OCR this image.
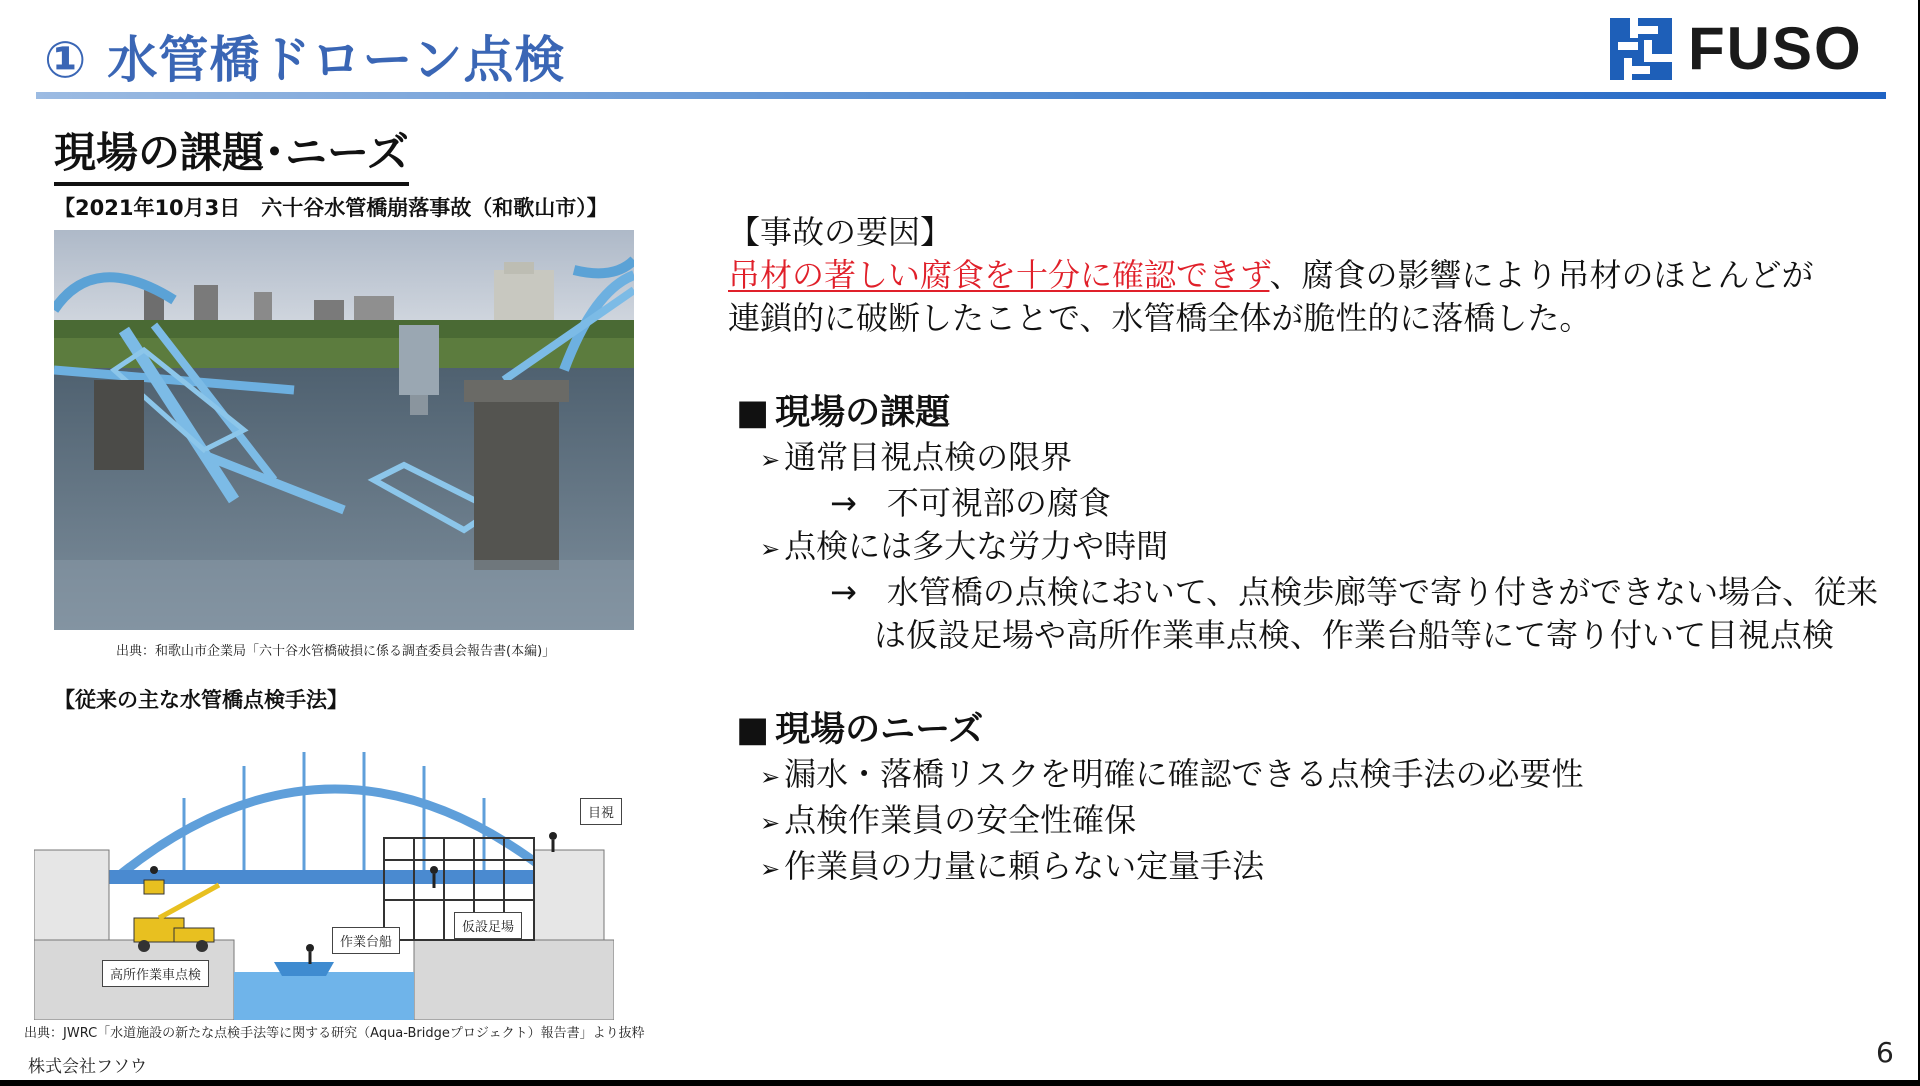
① 水管橋ドローン点検	FUSO
現場の課題･ニーズ
【2021年10月3日　六十谷水管橋崩落事故（和歌山市）】
出典：和歌山市企業局「六十谷水管橋破損に係る調査委員会報告書(本編)」
【従来の主な水管橋点検手法】
目視
仮設足場
作業台船
高所作業車点検
出典：JWRC「水道施設の新たな点検手法等に関する研究（Aqua-Bridgeプロジェクト）報告書」より抜粋
【事故の要因】
吊材の著しい腐食を十分に確認できず、腐食の影響により吊材のほとんどが
連鎖的に破断したことで、水管橋全体が脆性的に落橋した。
■ 現場の課題
➢ 通常目視点検の限界
→ 不可視部の腐食
➢ 点検には多大な労力や時間
→ 水管橋の点検において、点検歩廊等で寄り付きができない場合、従来
は仮設足場や高所作業車点検、作業台船等にて寄り付いて目視点検
■ 現場のニーズ
➢ 漏水・落橋リスクを明確に確認できる点検手法の必要性
➢ 点検作業員の安全性確保
➢ 作業員の力量に頼らない定量手法
株式会社フソウ	6
